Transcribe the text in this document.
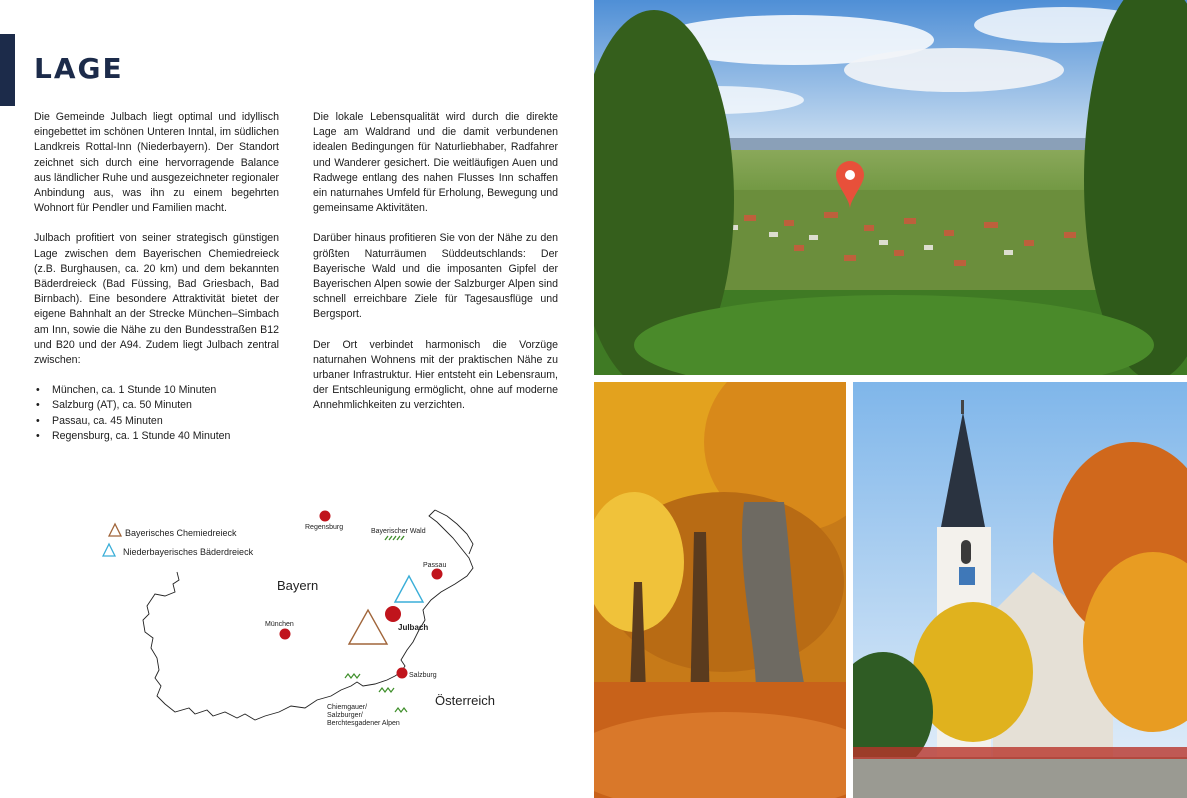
LAGE

Die Gemeinde Julbach liegt optimal und idyllisch eingebettet im schönen Unteren Inntal, im südlichen Landkreis Rottal-Inn (Niederbayern). Der Standort zeichnet sich durch eine hervorragende Balance aus ländlicher Ruhe und ausgezeichneter regionaler Anbindung aus, was ihn zu einem begehrten Wohnort für Pendler und Familien macht.

Julbach profitiert von seiner strategisch günstigen Lage zwischen dem Bayerischen Chemiedreieck (z.B. Burghausen, ca. 20 km) und dem bekannten Bäderdreieck (Bad Füssing, Bad Griesbach, Bad Birnbach). Eine besondere Attraktivität bietet der eigene Bahnhalt an der Strecke München–Simbach am Inn, sowie die Nähe zu den Bundesstraßen B12 und B20 und der A94. Zudem liegt Julbach zentral zwischen:

• München, ca. 1 Stunde 10 Minuten
• Salzburg (AT), ca. 50 Minuten
• Passau, ca. 45 Minuten
• Regensburg, ca. 1 Stunde 40 Minuten

Die lokale Lebensqualität wird durch die direkte Lage am Waldrand und die damit verbundenen idealen Bedingungen für Naturliebhaber, Radfahrer und Wanderer gesichert. Die weitläufigen Auen und Radwege entlang des nahen Flusses Inn schaffen ein naturnahes Umfeld für Erholung, Bewegung und gemeinsame Aktivitäten.

Darüber hinaus profitieren Sie von der Nähe zu den größten Naturräumen Süddeutschlands: Der Bayerische Wald und die imposanten Gipfel der Bayerischen Alpen sowie der Salzburger Alpen sind schnell erreichbare Ziele für Tagesausflüge und Bergsport.

Der Ort verbindet harmonisch die Vorzüge naturnahen Wohnens mit der praktischen Nähe zu urbaner Infrastruktur. Hier entsteht ein Lebensraum, der Entschleunigung ermöglicht, ohne auf moderne Annehmlichkeiten zu verzichten.

Bayerisches Chemiedreieck
Niederbayerisches Bäderdreieck
Bayern
Österreich
Regensburg
Passau
München	Julbach
Salzburg
Bayerischer Wald
Chiemgauer/
Salzburger/
Berchtesgadener Alpen
